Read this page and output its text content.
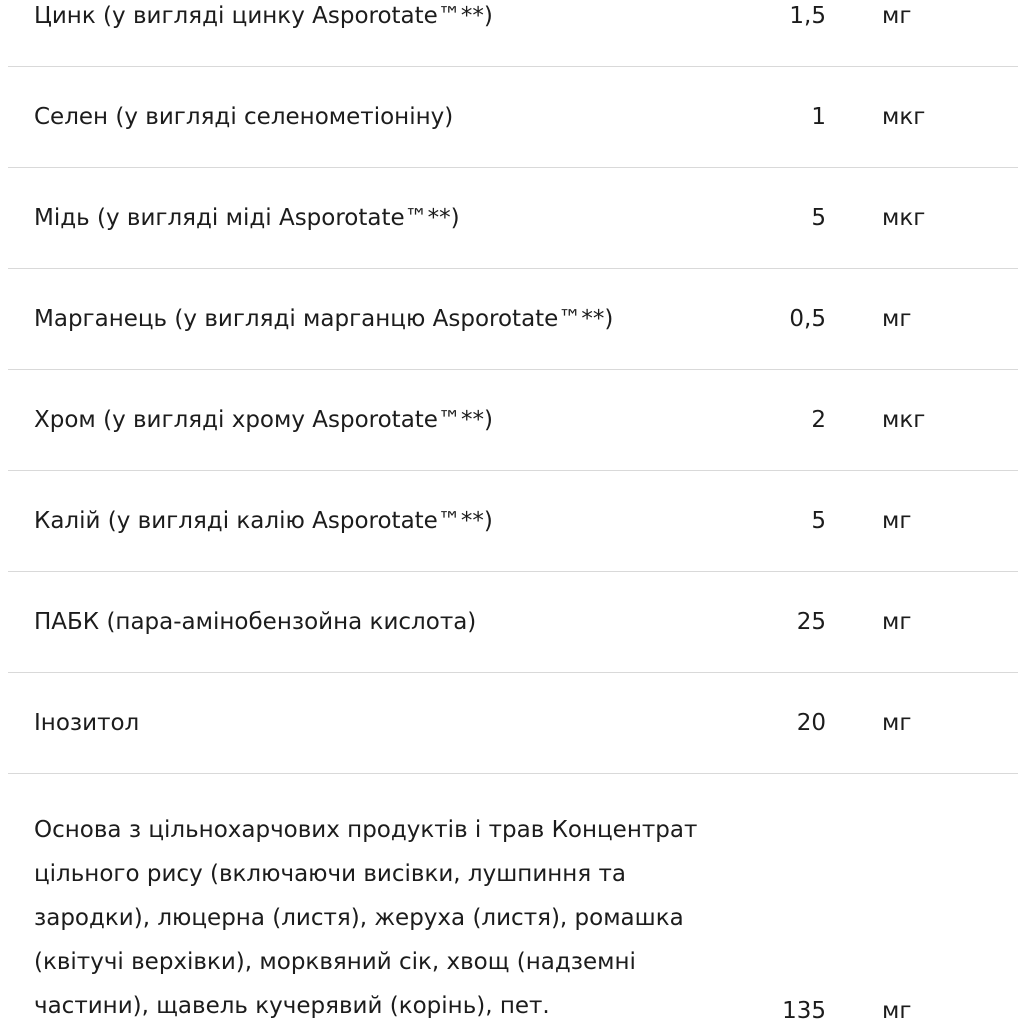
Цинк (у вигляді цинку Asporotate™**)	1,5	мг
Селен (у вигляді селенометіоніну)	1	мкг
Мідь (у вигляді міді Asporotate™**)	5	мкг
Марганець (у вигляді марганцю Asporotate™**)	0,5	мг
Хром (у вигляді хрому Asporotate™**)	2	мкг
Калій (у вигляді калію Asporotate™**)	5	мг
ПАБК (пара-амінобензойна кислота)	25	мг
Інозитол	20	мг
Основа з цільнохарчових продуктів і трав Концентрат цільного рису (включаючи висівки, лушпиння та зародки), люцерна (листя), жеруха (листя), ромашка (квітучі верхівки), морквяний сік, хвощ (надземні частини), щавель кучерявий (корінь), пет.	135	мг
